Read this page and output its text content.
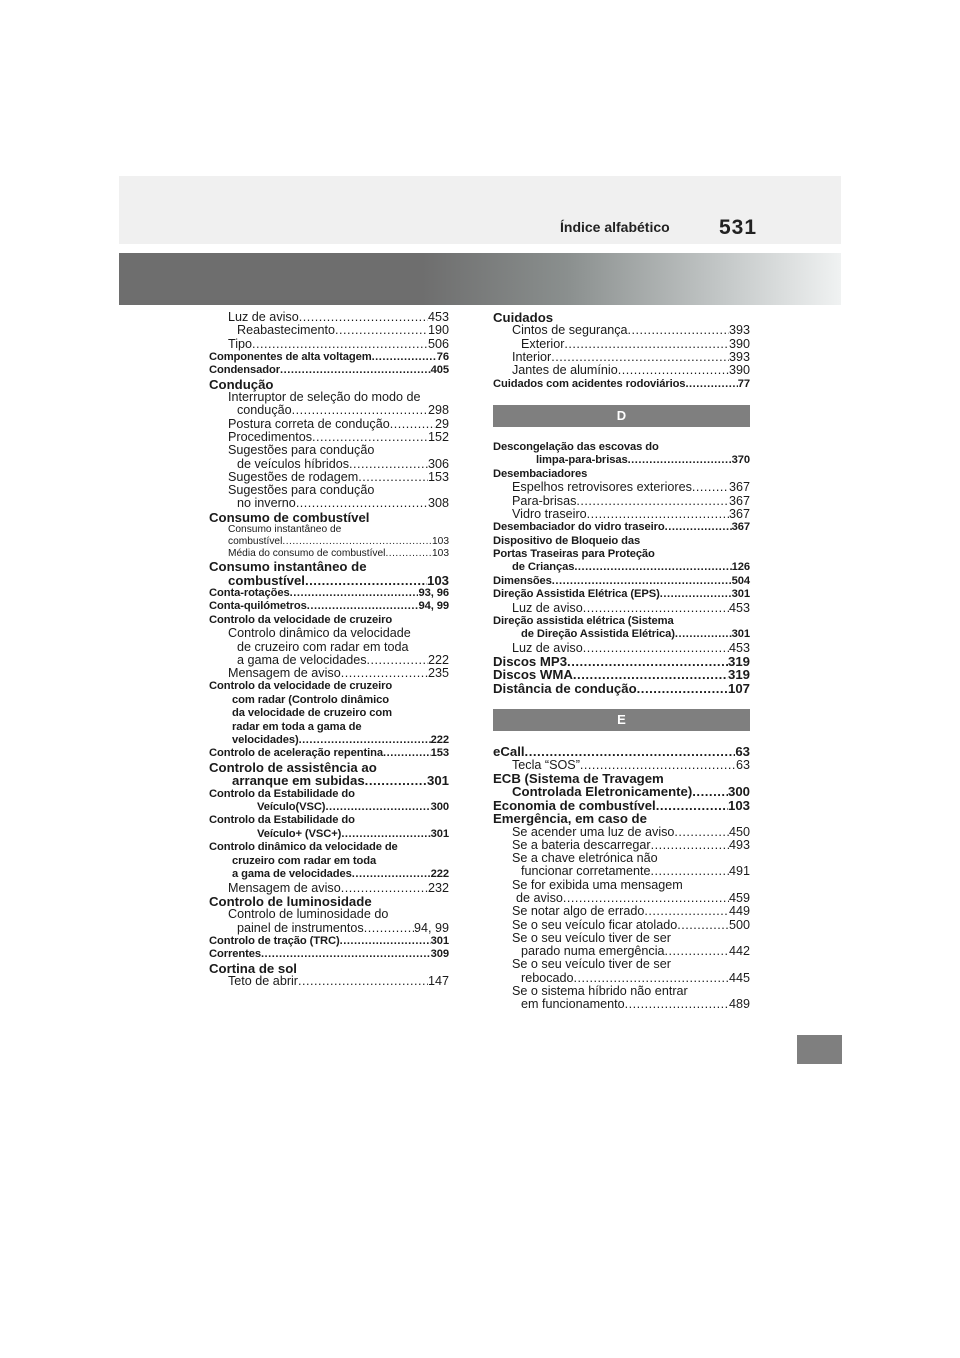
Índice alfabético 531
Luz de aviso .....	453
Reabastecimento .....	190
Tipo .....	506
Componentes de alta voltagem .....	76
Condensador .....	405
Condução
Interruptor de seleção do modo de
condução .....	298
Postura correta de condução .....	29
Procedimentos .....	152
Sugestões para condução
de veículos híbridos .....	306
Sugestões de rodagem .....	153
Sugestões para condução
no inverno .....	308
Consumo de combustível
Consumo instantâneo de
combustível .....	103
Média do consumo de combustível .....	103
Consumo instantâneo de
combustível .....	103
Conta-rotações .....	93, 96
Conta-quilómetros .....	94, 99
Controlo da velocidade de cruzeiro
Controlo dinâmico da velocidade
de cruzeiro com radar em toda
a gama de velocidades .....	222
Mensagem de aviso .....	235
Controlo da velocidade de cruzeiro
com radar (Controlo dinâmico
da velocidade de cruzeiro com
radar em toda a gama de
velocidades) .....	222
Controlo de aceleração repentina .....	153
Controlo de assistência ao
arranque em subidas .....	301
Controlo da Estabilidade do
Veículo(VSC) .....	300
Controlo da Estabilidade do
Veículo+ (VSC+) .....	301
Controlo dinâmico da velocidade de
cruzeiro com radar em toda
a gama de velocidades .....	222
Mensagem de aviso .....	232
Controlo de luminosidade
Controlo de luminosidade do
painel de instrumentos .....	94, 99
Controlo de tração (TRC) .....	301
Correntes .....	309
Cortina de sol
Teto de abrir .....	147
Cuidados
Cintos de segurança .....	393
Exterior .....	390
Interior .....	393
Jantes de alumínio .....	390
Cuidados com acidentes rodoviários .....	77
D
Descongelação das escovas do
limpa-para-brisas .....	370
Desembaciadores
Espelhos retrovisores exteriores .....	367
Para-brisas .....	367
Vidro traseiro .....	367
Desembaciador do vidro traseiro .....	367
Dispositivo de Bloqueio das
Portas Traseiras para Proteção
de Crianças .....	126
Dimensões .....	504
Direção Assistida Elétrica (EPS) .....	301
Luz de aviso .....	453
Direção assistida elétrica (Sistema
de Direção Assistida Elétrica) .....	301
Luz de aviso .....	453
Discos MP3 .....	319
Discos WMA .....	319
Distância de condução .....	107
E
eCall .....	63
Tecla “SOS” .....	63
ECB (Sistema de Travagem
Controlada Eletronicamente) .....	300
Economia de combustível .....	103
Emergência, em caso de
Se acender uma luz de aviso .....	450
Se a bateria descarregar .....	493
Se a chave eletrónica não
funcionar corretamente .....	491
Se for exibida uma mensagem
de aviso .....	459
Se notar algo de errado .....	449
Se o seu veículo ficar atolado .....	500
Se o seu veículo tiver de ser
parado numa emergência .....	442
Se o seu veículo tiver de ser
rebocado .....	445
Se o sistema híbrido não entrar
em funcionamento .....	489
